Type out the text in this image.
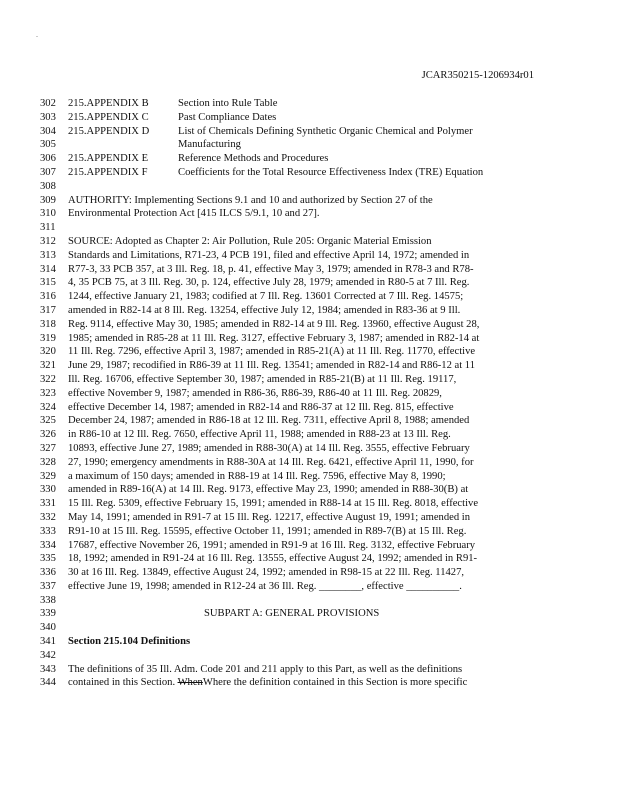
.
JCAR350215-1206934r01
302	215.APPENDIX B	Section into Rule Table
303	215.APPENDIX C	Past Compliance Dates
304	215.APPENDIX D	List of Chemicals Defining Synthetic Organic Chemical and Polymer
305	Manufacturing
306	215.APPENDIX E	Reference Methods and Procedures
307	215.APPENDIX F	Coefficients for the Total Resource Effectiveness Index (TRE) Equation
308
309	AUTHORITY: Implementing Sections 9.1 and 10 and authorized by Section 27 of the
310	Environmental Protection Act [415 ILCS 5/9.1, 10 and 27].
311
312	SOURCE: Adopted as Chapter 2: Air Pollution, Rule 205: Organic Material Emission
313	Standards and Limitations, R71-23, 4 PCB 191, filed and effective April 14, 1972; amended in
314	R77-3, 33 PCB 357, at 3 Ill. Reg. 18, p. 41, effective May 3, 1979; amended in R78-3 and R78-
315	4, 35 PCB 75, at 3 Ill. Reg. 30, p. 124, effective July 28, 1979; amended in R80-5 at 7 Ill. Reg.
316	1244, effective January 21, 1983; codified at 7 Ill. Reg. 13601 Corrected at 7 Ill. Reg. 14575;
317	amended in R82-14 at 8 Ill. Reg. 13254, effective July 12, 1984; amended in R83-36 at 9 Ill.
318	Reg. 9114, effective May 30, 1985; amended in R82-14 at 9 Ill. Reg. 13960, effective August 28,
319	1985; amended in R85-28 at 11 Ill. Reg. 3127, effective February 3, 1987; amended in R82-14 at
320	11 Ill. Reg. 7296, effective April 3, 1987; amended in R85-21(A) at 11 Ill. Reg. 11770, effective
321	June 29, 1987; recodified in R86-39 at 11 Ill. Reg. 13541; amended in R82-14 and R86-12 at 11
322	Ill. Reg. 16706, effective September 30, 1987; amended in R85-21(B) at 11 Ill. Reg. 19117,
323	effective November 9, 1987; amended in R86-36, R86-39, R86-40 at 11 Ill. Reg. 20829,
324	effective December 14, 1987; amended in R82-14 and R86-37 at 12 Ill. Reg. 815, effective
325	December 24, 1987; amended in R86-18 at 12 Ill. Reg. 7311, effective April 8, 1988; amended
326	in R86-10 at 12 Ill. Reg. 7650, effective April 11, 1988; amended in R88-23 at 13 Ill. Reg.
327	10893, effective June 27, 1989; amended in R88-30(A) at 14 Ill. Reg. 3555, effective February
328	27, 1990; emergency amendments in R88-30A at 14 Ill. Reg. 6421, effective April 11, 1990, for
329	a maximum of 150 days; amended in R88-19 at 14 Ill. Reg. 7596, effective May 8, 1990;
330	amended in R89-16(A) at 14 Ill. Reg. 9173, effective May 23, 1990; amended in R88-30(B) at
331	15 Ill. Reg. 5309, effective February 15, 1991; amended in R88-14 at 15 Ill. Reg. 8018, effective
332	May 14, 1991; amended in R91-7 at 15 Ill. Reg. 12217, effective August 19, 1991; amended in
333	R91-10 at 15 Ill. Reg. 15595, effective October 11, 1991; amended in R89-7(B) at 15 Ill. Reg.
334	17687, effective November 26, 1991; amended in R91-9 at 16 Ill. Reg. 3132, effective February
335	18, 1992; amended in R91-24 at 16 Ill. Reg. 13555, effective August 24, 1992; amended in R91-
336	30 at 16 Ill. Reg. 13849, effective August 24, 1992; amended in R98-15 at 22 Ill. Reg. 11427,
337	effective June 19, 1998; amended in R12-24 at 36 Ill. Reg. ________, effective __________.
338
339	SUBPART A: GENERAL PROVISIONS
340
341	Section 215.104 Definitions
342
343	The definitions of 35 Ill. Adm. Code 201 and 211 apply to this Part, as well as the definitions
344	contained in this Section. WhenWhere the definition contained in this Section is more specific
